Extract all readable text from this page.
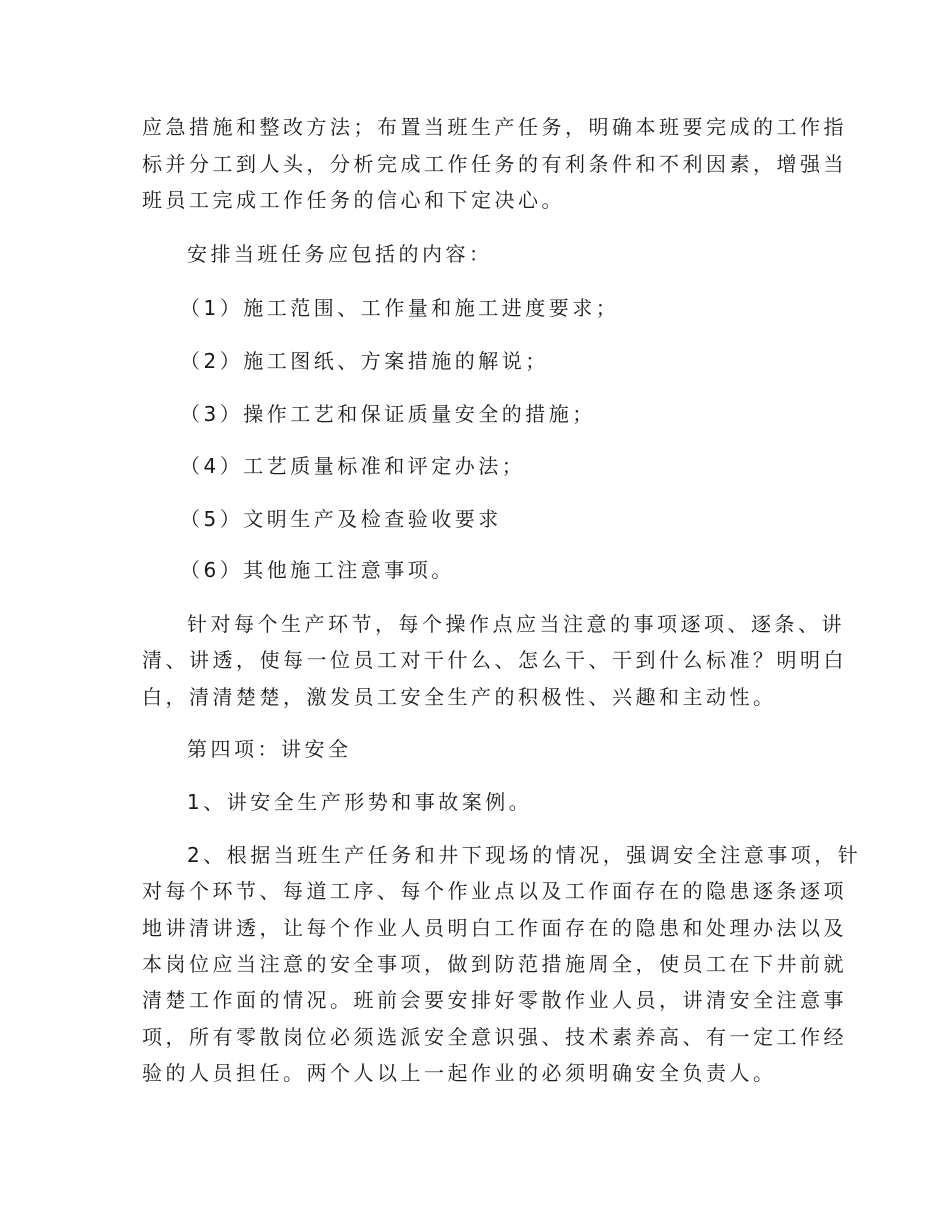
应急措施和整改方法；布置当班生产任务，明确本班要完成的工作指
标并分工到人头，分析完成工作任务的有利条件和不利因素，增强当
班员工完成工作任务的信心和下定决心。
安排当班任务应包括的内容：
（1）施工范围、工作量和施工进度要求；
（2）施工图纸、方案措施的解说；
（3）操作工艺和保证质量安全的措施；
（4）工艺质量标准和评定办法；
（5）文明生产及检查验收要求
（6）其他施工注意事项。
针对每个生产环节，每个操作点应当注意的事项逐项、逐条、讲
清、讲透，使每一位员工对干什么、怎么干、干到什么标准？明明白
白，清清楚楚，激发员工安全生产的积极性、兴趣和主动性。
第四项：讲安全
1、讲安全生产形势和事故案例。
2、根据当班生产任务和井下现场的情况，强调安全注意事项，针
对每个环节、每道工序、每个作业点以及工作面存在的隐患逐条逐项
地讲清讲透，让每个作业人员明白工作面存在的隐患和处理办法以及
本岗位应当注意的安全事项，做到防范措施周全，使员工在下井前就
清楚工作面的情况。班前会要安排好零散作业人员，讲清安全注意事
项，所有零散岗位必须选派安全意识强、技术素养高、有一定工作经
验的人员担任。两个人以上一起作业的必须明确安全负责人。
